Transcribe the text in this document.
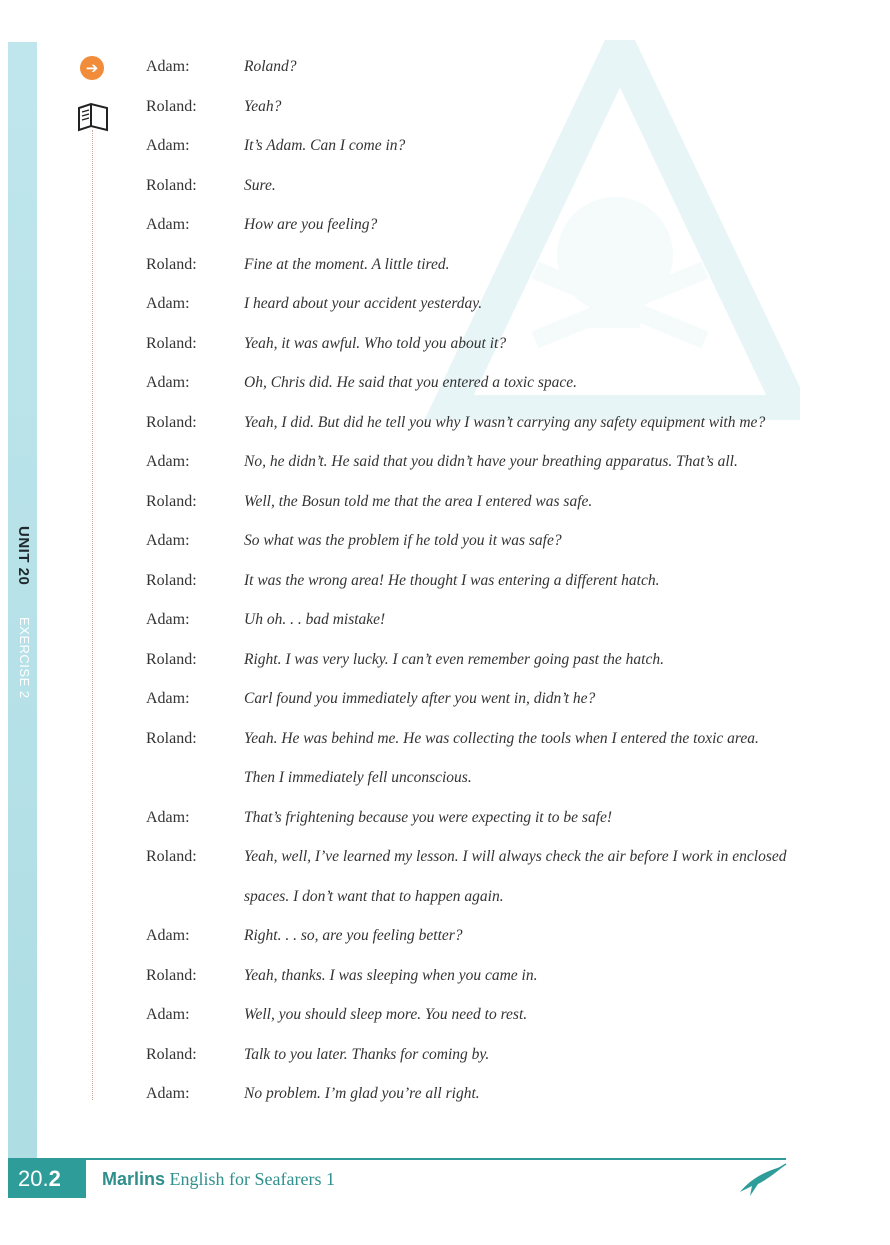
UNIT 20
EXERCISE 2
➔	Adam:	Roland?
Roland:	Yeah?
Adam:	It’s Adam. Can I come in?
Roland:	Sure.
Adam:	How are you feeling?
Roland:	Fine at the moment. A little tired.
Adam:	I heard about your accident yesterday.
Roland:	Yeah, it was awful. Who told you about it?
Adam:	Oh, Chris did. He said that you entered a toxic space.
Roland:	Yeah, I did. But did he tell you why I wasn’t carrying any safety equipment with me?
Adam:	No, he didn’t. He said that you didn’t have your breathing apparatus. That’s all.
Roland:	Well, the Bosun told me that the area I entered was safe.
Adam:	So what was the problem if he told you it was safe?
Roland:	It was the wrong area! He thought I was entering a different hatch.
Adam:	Uh oh. . . bad mistake!
Roland:	Right. I was very lucky. I can’t even remember going past the hatch.
Adam:	Carl found you immediately after you went in, didn’t he?
Roland:	Yeah. He was behind me. He was collecting the tools when I entered the toxic area.
Then I immediately fell unconscious.
Adam:	That’s frightening because you were expecting it to be safe!
Roland:	Yeah, well, I’ve learned my lesson. I will always check the air before I work in enclosed
spaces. I don’t want that to happen again.
Adam:	Right. . . so, are you feeling better?
Roland:	Yeah, thanks. I was sleeping when you came in.
Adam:	Well, you should sleep more. You need to rest.
Roland:	Talk to you later. Thanks for coming by.
Adam:	No problem. I’m glad you’re all right.
20.2	Marlins English for Seafarers 1
